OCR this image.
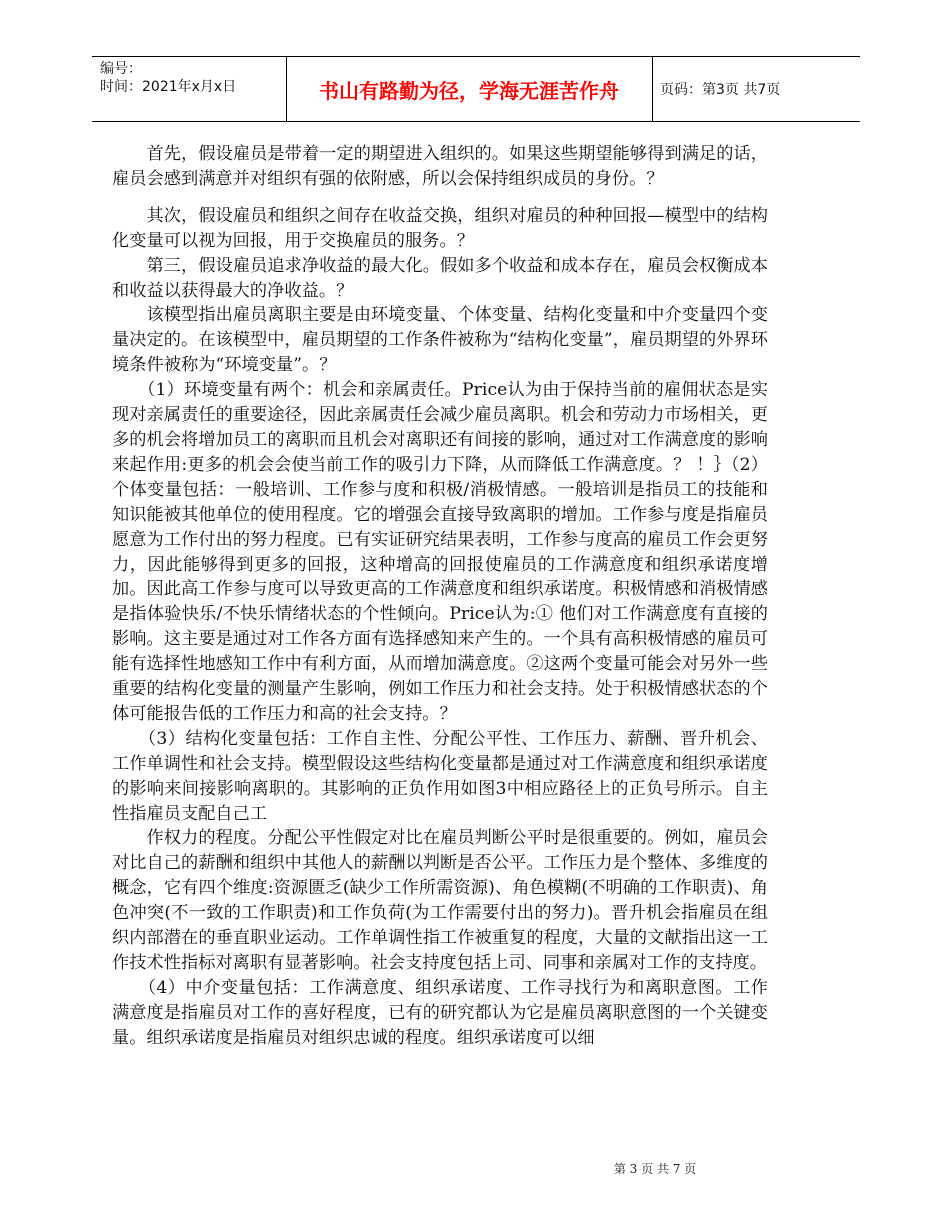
编号：
时间：2021年x月x日	书山有路勤为径，学海无涯苦作舟	页码：第3页 共7页

　　首先，假设雇员是带着一定的期望进入组织的。如果这些期望能够得到满足的话，雇员会感到满意并对组织有强的依附感，所以会保持组织成员的身份。？

　　其次，假设雇员和组织之间存在收益交换，组织对雇员的种种回报—模型中的结构化变量可以视为回报，用于交换雇员的服务。？

　　第三，假设雇员追求净收益的最大化。假如多个收益和成本存在，雇员会权衡成本和收益以获得最大的净收益。？

　　该模型指出雇员离职主要是由环境变量、个体变量、结构化变量和中介变量四个变量决定的。在该模型中，雇员期望的工作条件被称为“结构化变量”，雇员期望的外界环境条件被称为“环境变量”。？

　　（1）环境变量有两个：机会和亲属责任。Price认为由于保持当前的雇佣状态是实现对亲属责任的重要途径，因此亲属责任会减少雇员离职。机会和劳动力市场相关，更多的机会将增加员工的离职而且机会对离职还有间接的影响，通过对工作满意度的影响来起作用:更多的机会会使当前工作的吸引力下降，从而降低工作满意度。？ ！｝（2）个体变量包括：一般培训、工作参与度和积极/消极情感。一般培训是指员工的技能和知识能被其他单位的使用程度。它的增强会直接导致离职的增加。工作参与度是指雇员愿意为工作付出的努力程度。已有实证研究结果表明，工作参与度高的雇员工作会更努力，因此能够得到更多的回报，这种增高的回报使雇员的工作满意度和组织承诺度增加。因此高工作参与度可以导致更高的工作满意度和组织承诺度。积极情感和消极情感是指体验快乐/不快乐情绪状态的个性倾向。Price认为:① 他们对工作满意度有直接的影响。这主要是通过对工作各方面有选择感知来产生的。一个具有高积极情感的雇员可能有选择性地感知工作中有利方面，从而增加满意度。②这两个变量可能会对另外一些重要的结构化变量的测量产生影响，例如工作压力和社会支持。处于积极情感状态的个体可能报告低的工作压力和高的社会支持。？

　　（3）结构化变量包括：工作自主性、分配公平性、工作压力、薪酬、晋升机会、工作单调性和社会支持。模型假设这些结构化变量都是通过对工作满意度和组织承诺度的影响来间接影响离职的。其影响的正负作用如图3中相应路径上的正负号所示。自主性指雇员支配自己工

　　作权力的程度。分配公平性假定对比在雇员判断公平时是很重要的。例如，雇员会对比自己的薪酬和组织中其他人的薪酬以判断是否公平。工作压力是个整体、多维度的概念，它有四个维度:资源匮乏(缺少工作所需资源)、角色模糊(不明确的工作职责)、角色冲突(不一致的工作职责)和工作负荷(为工作需要付出的努力)。晋升机会指雇员在组织内部潜在的垂直职业运动。工作单调性指工作被重复的程度，大量的文献指出这一工作技术性指标对离职有显著影响。社会支持度包括上司、同事和亲属对工作的支持度。

　　（4）中介变量包括：工作满意度、组织承诺度、工作寻找行为和离职意图。工作满意度是指雇员对工作的喜好程度，已有的研究都认为它是雇员离职意图的一个关键变量。组织承诺度是指雇员对组织忠诚的程度。组织承诺度可以细

第 3 页 共 7 页
